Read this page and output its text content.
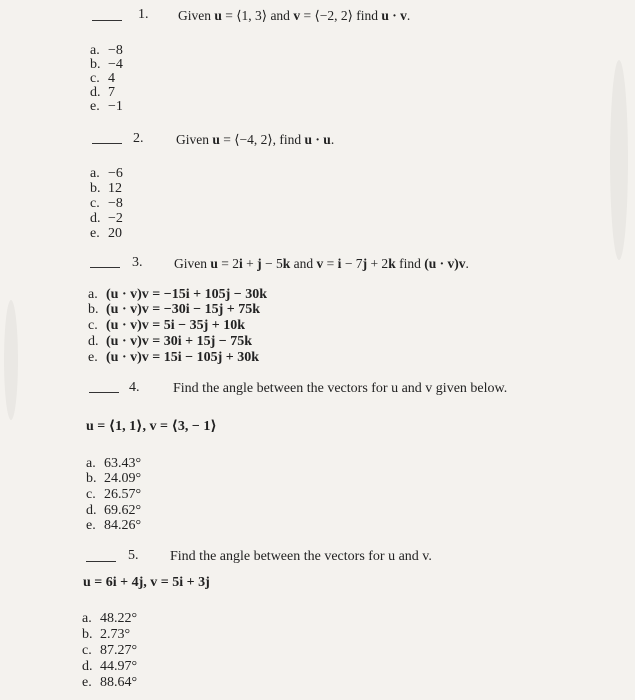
1. Given u = ⟨1, 3⟩ and v = ⟨−2, 2⟩ find u · v.
a. −8
b. −4
c. 4
d. 7
e. −1
2. Given u = ⟨−4, 2⟩, find u · u.
a. −6
b. 12
c. −8
d. −2
e. 20
3. Given u = 2i + j − 5k and v = i − 7j + 2k find (u · v)v.
a. (u · v)v = −15i + 105j − 30k
b. (u · v)v = −30i − 15j + 75k
c. (u · v)v = 5i − 35j + 10k
d. (u · v)v = 30i + 15j − 75k
e. (u · v)v = 15i − 105j + 30k
4. Find the angle between the vectors for u and v given below.
u = ⟨1, 1⟩, v = ⟨3, − 1⟩
a. 63.43°
b. 24.09°
c. 26.57°
d. 69.62°
e. 84.26°
5. Find the angle between the vectors for u and v.
u = 6i + 4j, v = 5i + 3j
a. 48.22°
b. 2.73°
c. 87.27°
d. 44.97°
e. 88.64°
